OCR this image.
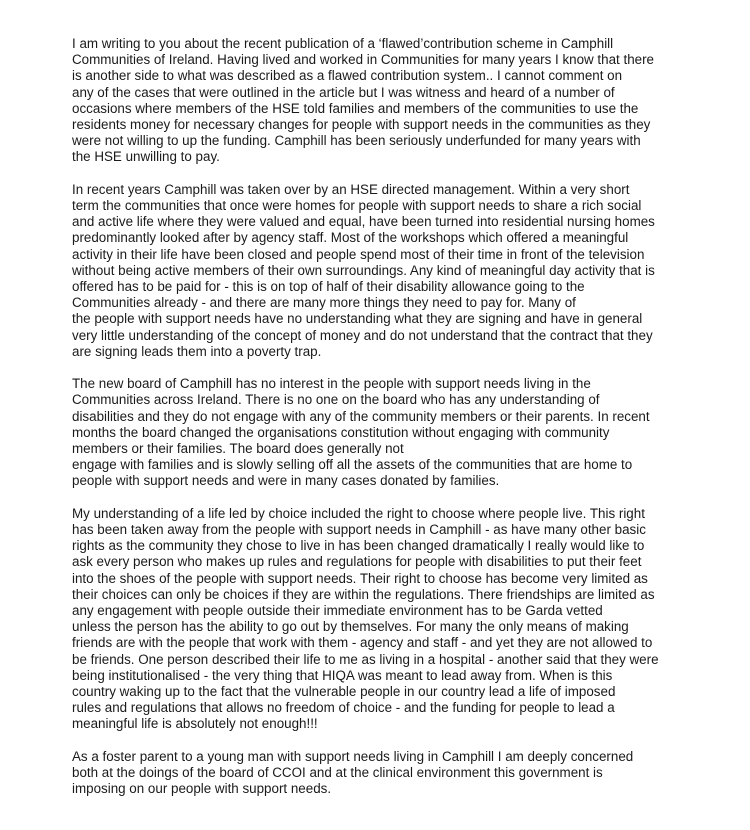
I am writing to you about the recent publication of a ‘flawed’contribution scheme in Camphill
Communities of Ireland. Having lived and worked in Communities for many years I know that there
is another side to what was described as a flawed contribution system.. I cannot comment on
any of the cases that were outlined in the article but I was witness and heard of a number of
occasions where members of the HSE told families and members of the communities to use the
residents money for necessary changes for people with support needs in the communities as they
were not willing to up the funding. Camphill has been seriously underfunded for many years with
the HSE unwilling to pay.

In recent years Camphill was taken over by an HSE directed management. Within a very short
term the communities that once were homes for people with support needs to share a rich social
and active life where they were valued and equal, have been turned into residential nursing homes
predominantly looked after by agency staff. Most of the workshops which offered a meaningful
activity in their life have been closed and people spend most of their time in front of the television
without being active members of their own surroundings. Any kind of meaningful day activity that is
offered has to be paid for - this is on top of half of their disability allowance going to the
Communities already - and there are many more things they need to pay for. Many of
the people with support needs have no understanding what they are signing and have in general
very little understanding of the concept of money and do not understand that the contract that they
are signing leads them into a poverty trap.

The new board of Camphill has no interest in the people with support needs living in the
Communities across Ireland. There is no one on the board who has any understanding of
disabilities and they do not engage with any of the community members or their parents. In recent
months the board changed the organisations constitution without engaging with community
members or their families. The board does generally not
engage with families and is slowly selling off all the assets of the communities that are home to
people with support needs and were in many cases donated by families.

My understanding of a life led by choice included the right to choose where people live. This right
has been taken away from the people with support needs in Camphill - as have many other basic
rights as the community they chose to live in has been changed dramatically I really would like to
ask every person who makes up rules and regulations for people with disabilities to put their feet
into the shoes of the people with support needs. Their right to choose has become very limited as
their choices can only be choices if they are within the regulations. There friendships are limited as
any engagement with people outside their immediate environment has to be Garda vetted
unless the person has the ability to go out by themselves. For many the only means of making
friends are with the people that work with them - agency and staff - and yet they are not allowed to
be friends. One person described their life to me as living in a hospital - another said that they were
being institutionalised - the very thing that HIQA was meant to lead away from. When is this
country waking up to the fact that the vulnerable people in our country lead a life of imposed
rules and regulations that allows no freedom of choice - and the funding for people to lead a
meaningful life is absolutely not enough!!!

As a foster parent to a young man with support needs living in Camphill I am deeply concerned
both at the doings of the board of CCOI and at the clinical environment this government is
imposing on our people with support needs.
